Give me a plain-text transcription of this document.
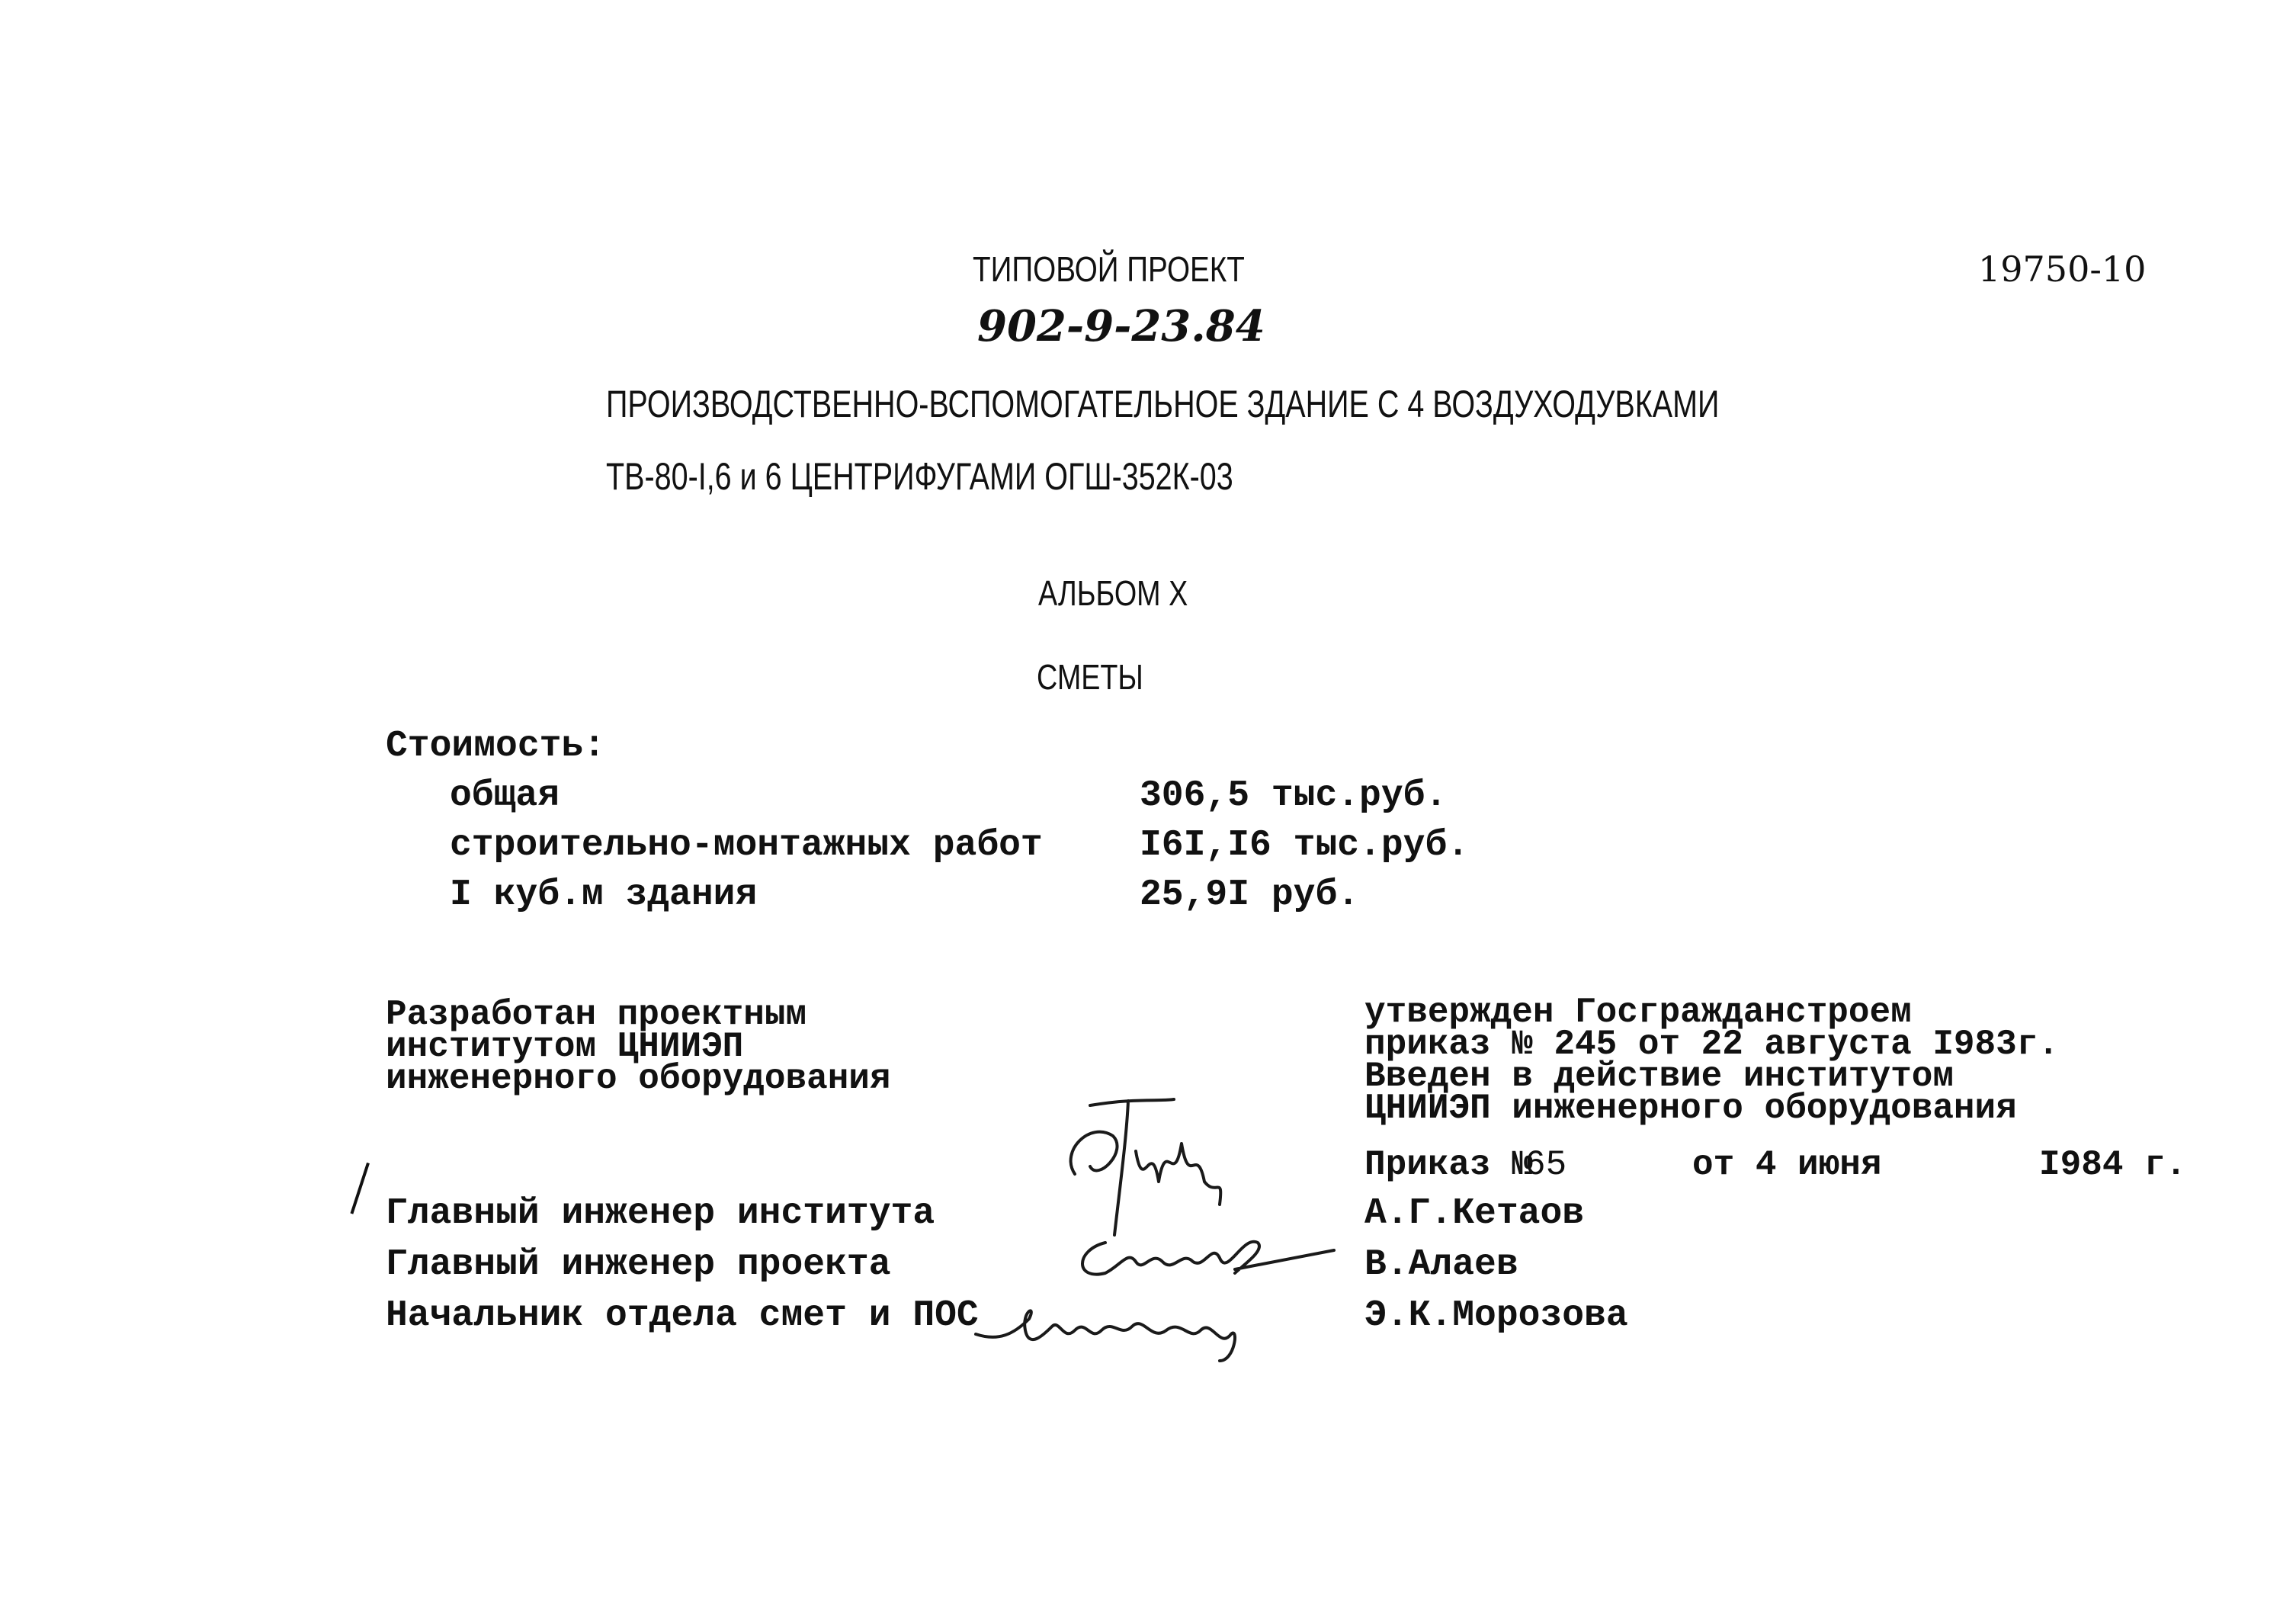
ТИПОВОЙ ПРОЕКТ
902-9-23.84
19750-10
ПРОИЗВОДСТВЕННО-ВСПОМОГАТЕЛЬНОЕ ЗДАНИЕ С 4 ВОЗДУХОДУВКАМИ
ТВ-80-I,6 и 6 ЦЕНТРИФУГАМИ ОГШ-352К-03
АЛЬБОМ X
СМЕТЫ
Стоимость:
общая	306,5 тыс.руб.
строительно-монтажных работ	I6I,I6 тыс.руб.
I куб.м здания	25,9I руб.
Разработан проектным
институтом ЦНИИЭП
инженерного оборудования
утвержден Госгражданстроем
приказ № 245 от 22 августа I983г.
Введен в действие институтом
ЦНИИЭП инженерного оборудования
Приказ №
65	от 4 июня	I984 г.
Главный инженер института	А.Г.Кетаов
Главный инженер проекта	В.Алаев
Начальник отдела смет и ПОС	Э.К.Морозова
